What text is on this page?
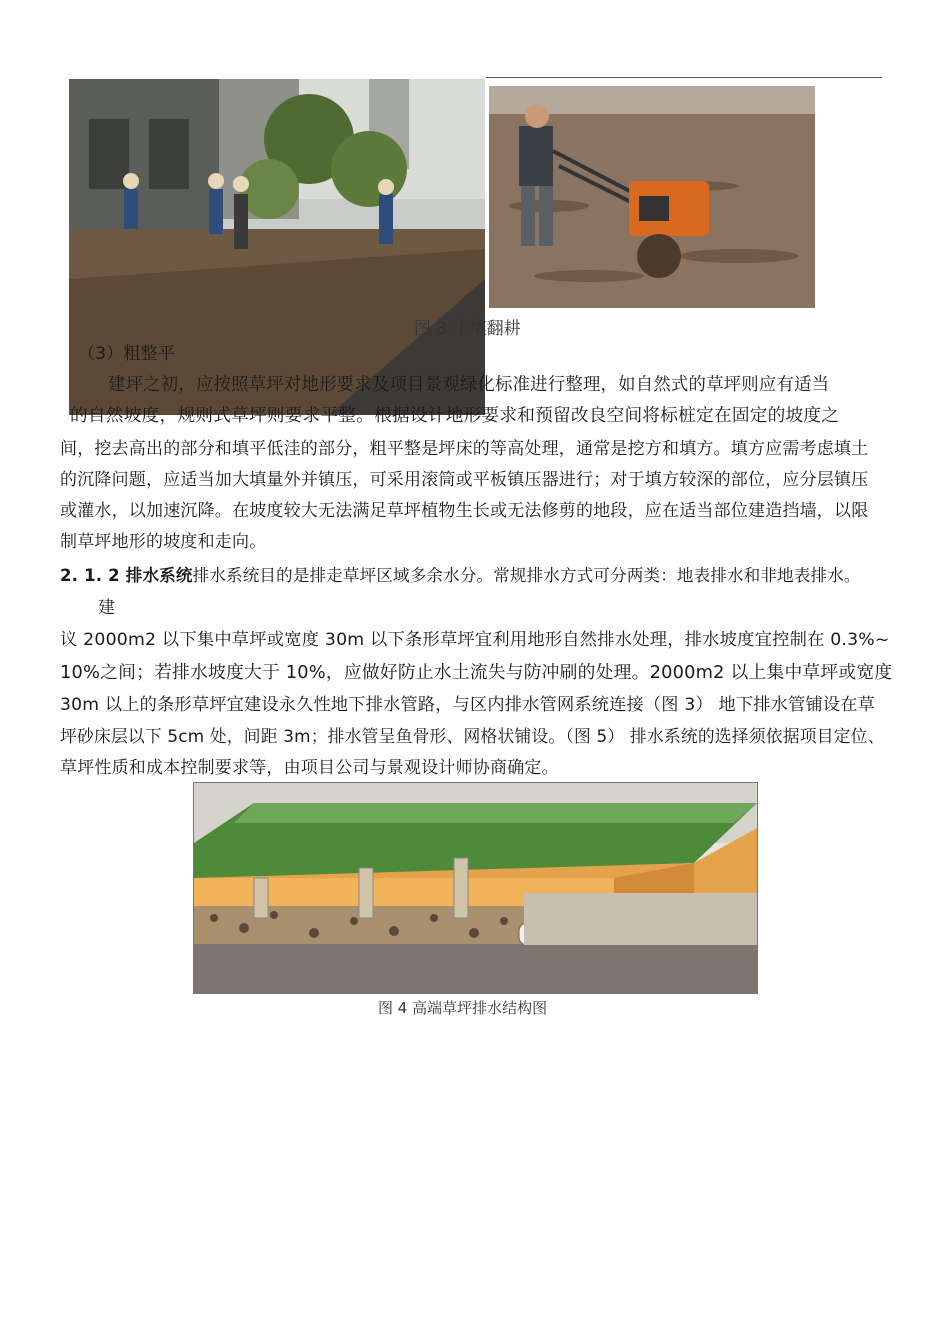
图 3 土壤翻耕
（3）粗整平
建坪之初，应按照草坪对地形要求及项目景观绿化标准进行整理，如自然式的草坪则应有适当
的自然坡度，规则式草坪则要求平整。根据设计地形要求和预留改良空间将标桩定在固定的坡度之
间，挖去高出的部分和填平低洼的部分，粗平整是坪床的等高处理，通常是挖方和填方。填方应需考虑填土
的沉降问题，应适当加大填量外并镇压，可采用滚筒或平板镇压器进行；对于填方较深的部位，应分层镇压
或灌水，以加速沉降。在坡度较大无法满足草坪植物生长或无法修剪的地段，应在适当部位建造挡墙，以限
制草坪地形的坡度和走向。
2. 1. 2 排水系统排水系统目的是排走草坪区域多余水分。常规排水方式可分两类：地表排水和非地表排水。
建
议 2000m2 以下集中草坪或宽度 30m 以下条形草坪宜利用地形自然排水处理，排水坡度宜控制在 0.3%~
10%之间；若排水坡度大于 10%，应做好防止水土流失与防冲刷的处理。2000m2 以上集中草坪或宽度
30m 以上的条形草坪宜建设永久性地下排水管路，与区内排水管网系统连接（图 3） 地下排水管铺设在草
坪砂床层以下 5cm 处，间距 3m；排水管呈鱼骨形、网格状铺设。（图 5） 排水系统的选择须依据项目定位、
草坪性质和成本控制要求等，由项目公司与景观设计师协商确定。
图 4 高端草坪排水结构图
